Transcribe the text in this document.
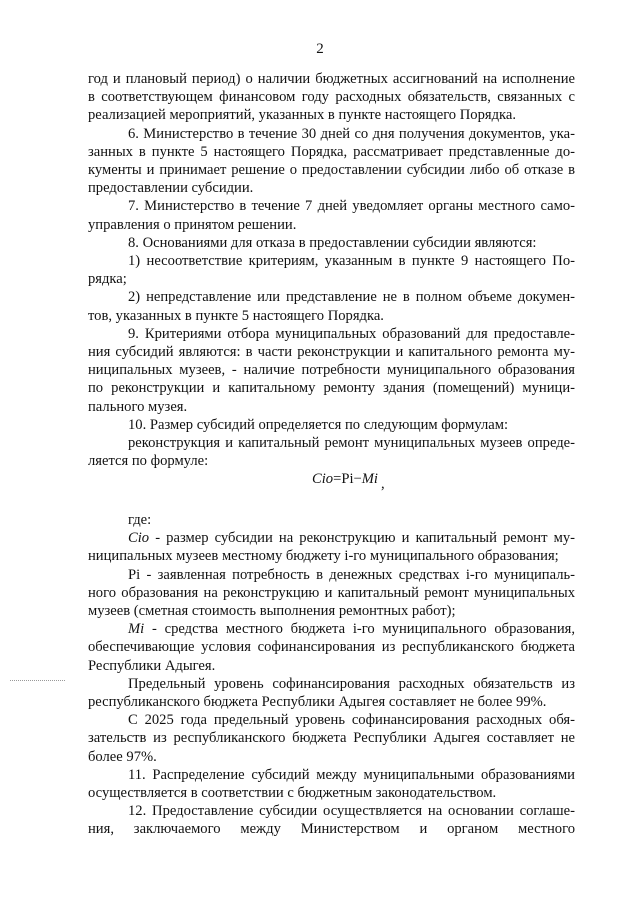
2
год и плановый период) о наличии бюджетных ассигнований на исполнение
в соответствующем финансовом году расходных обязательств, связанных с
реализацией мероприятий, указанных в пункте настоящего Порядка.
6. Министерство в течение 30 дней со дня получения документов, ука-
занных в пункте 5 настоящего Порядка, рассматривает представленные до-
кументы и принимает решение о предоставлении субсидии либо об отказе в
предоставлении субсидии.
7. Министерство в течение 7 дней уведомляет органы местного само-
управления о принятом решении.
8. Основаниями для отказа в предоставлении субсидии являются:
1) несоответствие критериям, указанным в пункте 9 настоящего По-
рядка;
2) непредставление или представление не в полном объеме докумен-
тов, указанных в пункте 5 настоящего Порядка.
9. Критериями отбора муниципальных образований для предоставле-
ния субсидий являются: в части реконструкции и капитального ремонта му-
ниципальных музеев, - наличие потребности муниципального образования
по реконструкции и капитальному ремонту здания (помещений) муници-
пального музея.
10. Размер субсидий определяется по следующим формулам:
реконструкция и капитальный ремонт муниципальных музеев опреде-
ляется по формуле:
Cio=Pi−Mi ,
где:
Cio - размер субсидии на реконструкцию и капитальный ремонт му-
ниципальных музеев местному бюджету i-го муниципального образования;
Pi - заявленная потребность в денежных средствах i-го муниципаль-
ного образования на реконструкцию и капитальный ремонт муниципальных
музеев (сметная стоимость выполнения ремонтных работ);
Mi - средства местного бюджета i-го муниципального образования,
обеспечивающие условия софинансирования из республиканского бюджета
Республики Адыгея.
Предельный уровень софинансирования расходных обязательств из
республиканского бюджета Республики Адыгея составляет не более 99%.
С 2025 года предельный уровень софинансирования расходных обя-
зательств из республиканского бюджета Республики Адыгея составляет не
более 97%.
11. Распределение субсидий между муниципальными образованиями
осуществляется в соответствии с бюджетным законодательством.
12. Предоставление субсидии осуществляется на основании соглаше-
ния, заключаемого между Министерством и органом местного
